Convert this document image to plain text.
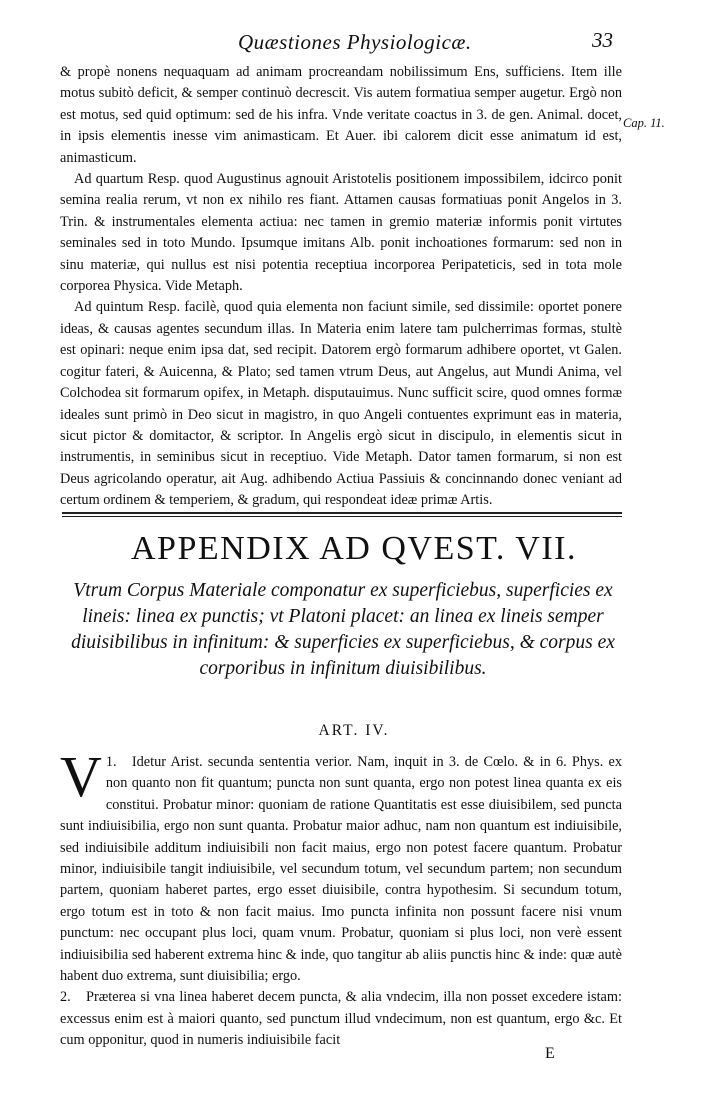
Quæstiones Physiologicæ.	33
Cap. 11.

& propè nonens nequaquam ad animam procreandam nobilissimum Ens, sufficiens. Item ille motus subitò deficit, & semper continuò decrescit. Vis autem formatiua semper augetur. Ergò non est motus, sed quid optimum: sed de his infra. Vnde veritate coactus in 3. de gen. Animal. docet, in ipsis elementis inesse vim animasticam. Et Auer. ibi calorem dicit esse animatum id est, animasticum.

Ad quartum Resp. quod Augustinus agnouit Aristotelis positionem impossibilem, idcirco ponit semina realia rerum, vt non ex nihilo res fiant. Attamen causas formatiuas ponit Angelos in 3. Trin. & instrumentales elementa actiua: nec tamen in gremio materiæ informis ponit virtutes seminales sed in toto Mundo. Ipsumque imitans Alb. ponit inchoationes formarum: sed non in sinu materiæ, qui nullus est nisi potentia receptiua incorporea Peripateticis, sed in tota mole corporea Physica. Vide Metaph.

Ad quintum Resp. facilè, quod quia elementa non faciunt simile, sed dissimile: oportet ponere ideas, & causas agentes secundum illas. In Materia enim latere tam pulcherrimas formas, stultè est opinari: neque enim ipsa dat, sed recipit. Datorem ergò formarum adhibere oportet, vt Galen. cogitur fateri, & Auicenna, & Plato; sed tamen vtrum Deus, aut Angelus, aut Mundi Anima, vel Colchodea sit formarum opifex, in Metaph. disputauimus. Nunc sufficit scire, quod omnes formæ ideales sunt primò in Deo sicut in magistro, in quo Angeli contuentes exprimunt eas in materia, sicut pictor & domitactor, & scriptor. In Angelis ergò sicut in discipulo, in elementis sicut in instrumentis, in seminibus sicut in receptiuo. Vide Metaph. Dator tamen formarum, si non est Deus agricolando operatur, ait Aug. adhibendo Actiua Passiuis & concinnando donec veniant ad certum ordinem & temperiem, & gradum, qui respondeat ideæ primæ Artis.

APPENDIX AD QVEST. VII.
Vtrum Corpus Materiale componatur ex superficiebus, superficies ex lineis: linea ex punctis; vt Platoni placet: an linea ex lineis semper diuisibilibus in infinitum: & superficies ex superficiebus, & corpus ex corporibus in infinitum diuisibilibus.
ART. IV.

1.
V Idetur Arist. secunda sententia verior. Nam, inquit in 3. de Cœlo. & in 6. Phys. ex non quanto non fit quantum; puncta non sunt quanta, ergo non potest linea quanta ex eis constitui. Probatur minor: quoniam de ratione Quantitatis est esse diuisibilem, sed puncta sunt indiuisibilia, ergo non sunt quanta. Probatur maior adhuc, nam non quantum est indiuisibile, sed indiuisibile additum indiuisibili non facit maius, ergo non potest facere quantum. Probatur minor, indiuisibile tangit indiuisibile, vel secundum totum, vel secundum partem; non secundum partem, quoniam haberet partes, ergo esset diuisibile, contra hypothesim. Si secundum totum, ergo totum est in toto & non facit maius. Imo puncta infinita non possunt facere nisi vnum punctum: nec occupant plus loci, quam vnum. Probatur, quoniam si plus loci, non verè essent indiuisibilia sed haberent extrema hinc & inde, quo tangitur ab aliis punctis hinc & inde: quæ autè habent duo extrema, sunt diuisibilia; ergo.

2. Præterea si vna linea haberet decem puncta, & alia vndecim, illa non posset excedere istam: excessus enim est à maiori quanto, sed punctum illud vndecimum, non est quantum, ergo &c. Et cum opponitur, quod in numeris indiuisibile facit

E
